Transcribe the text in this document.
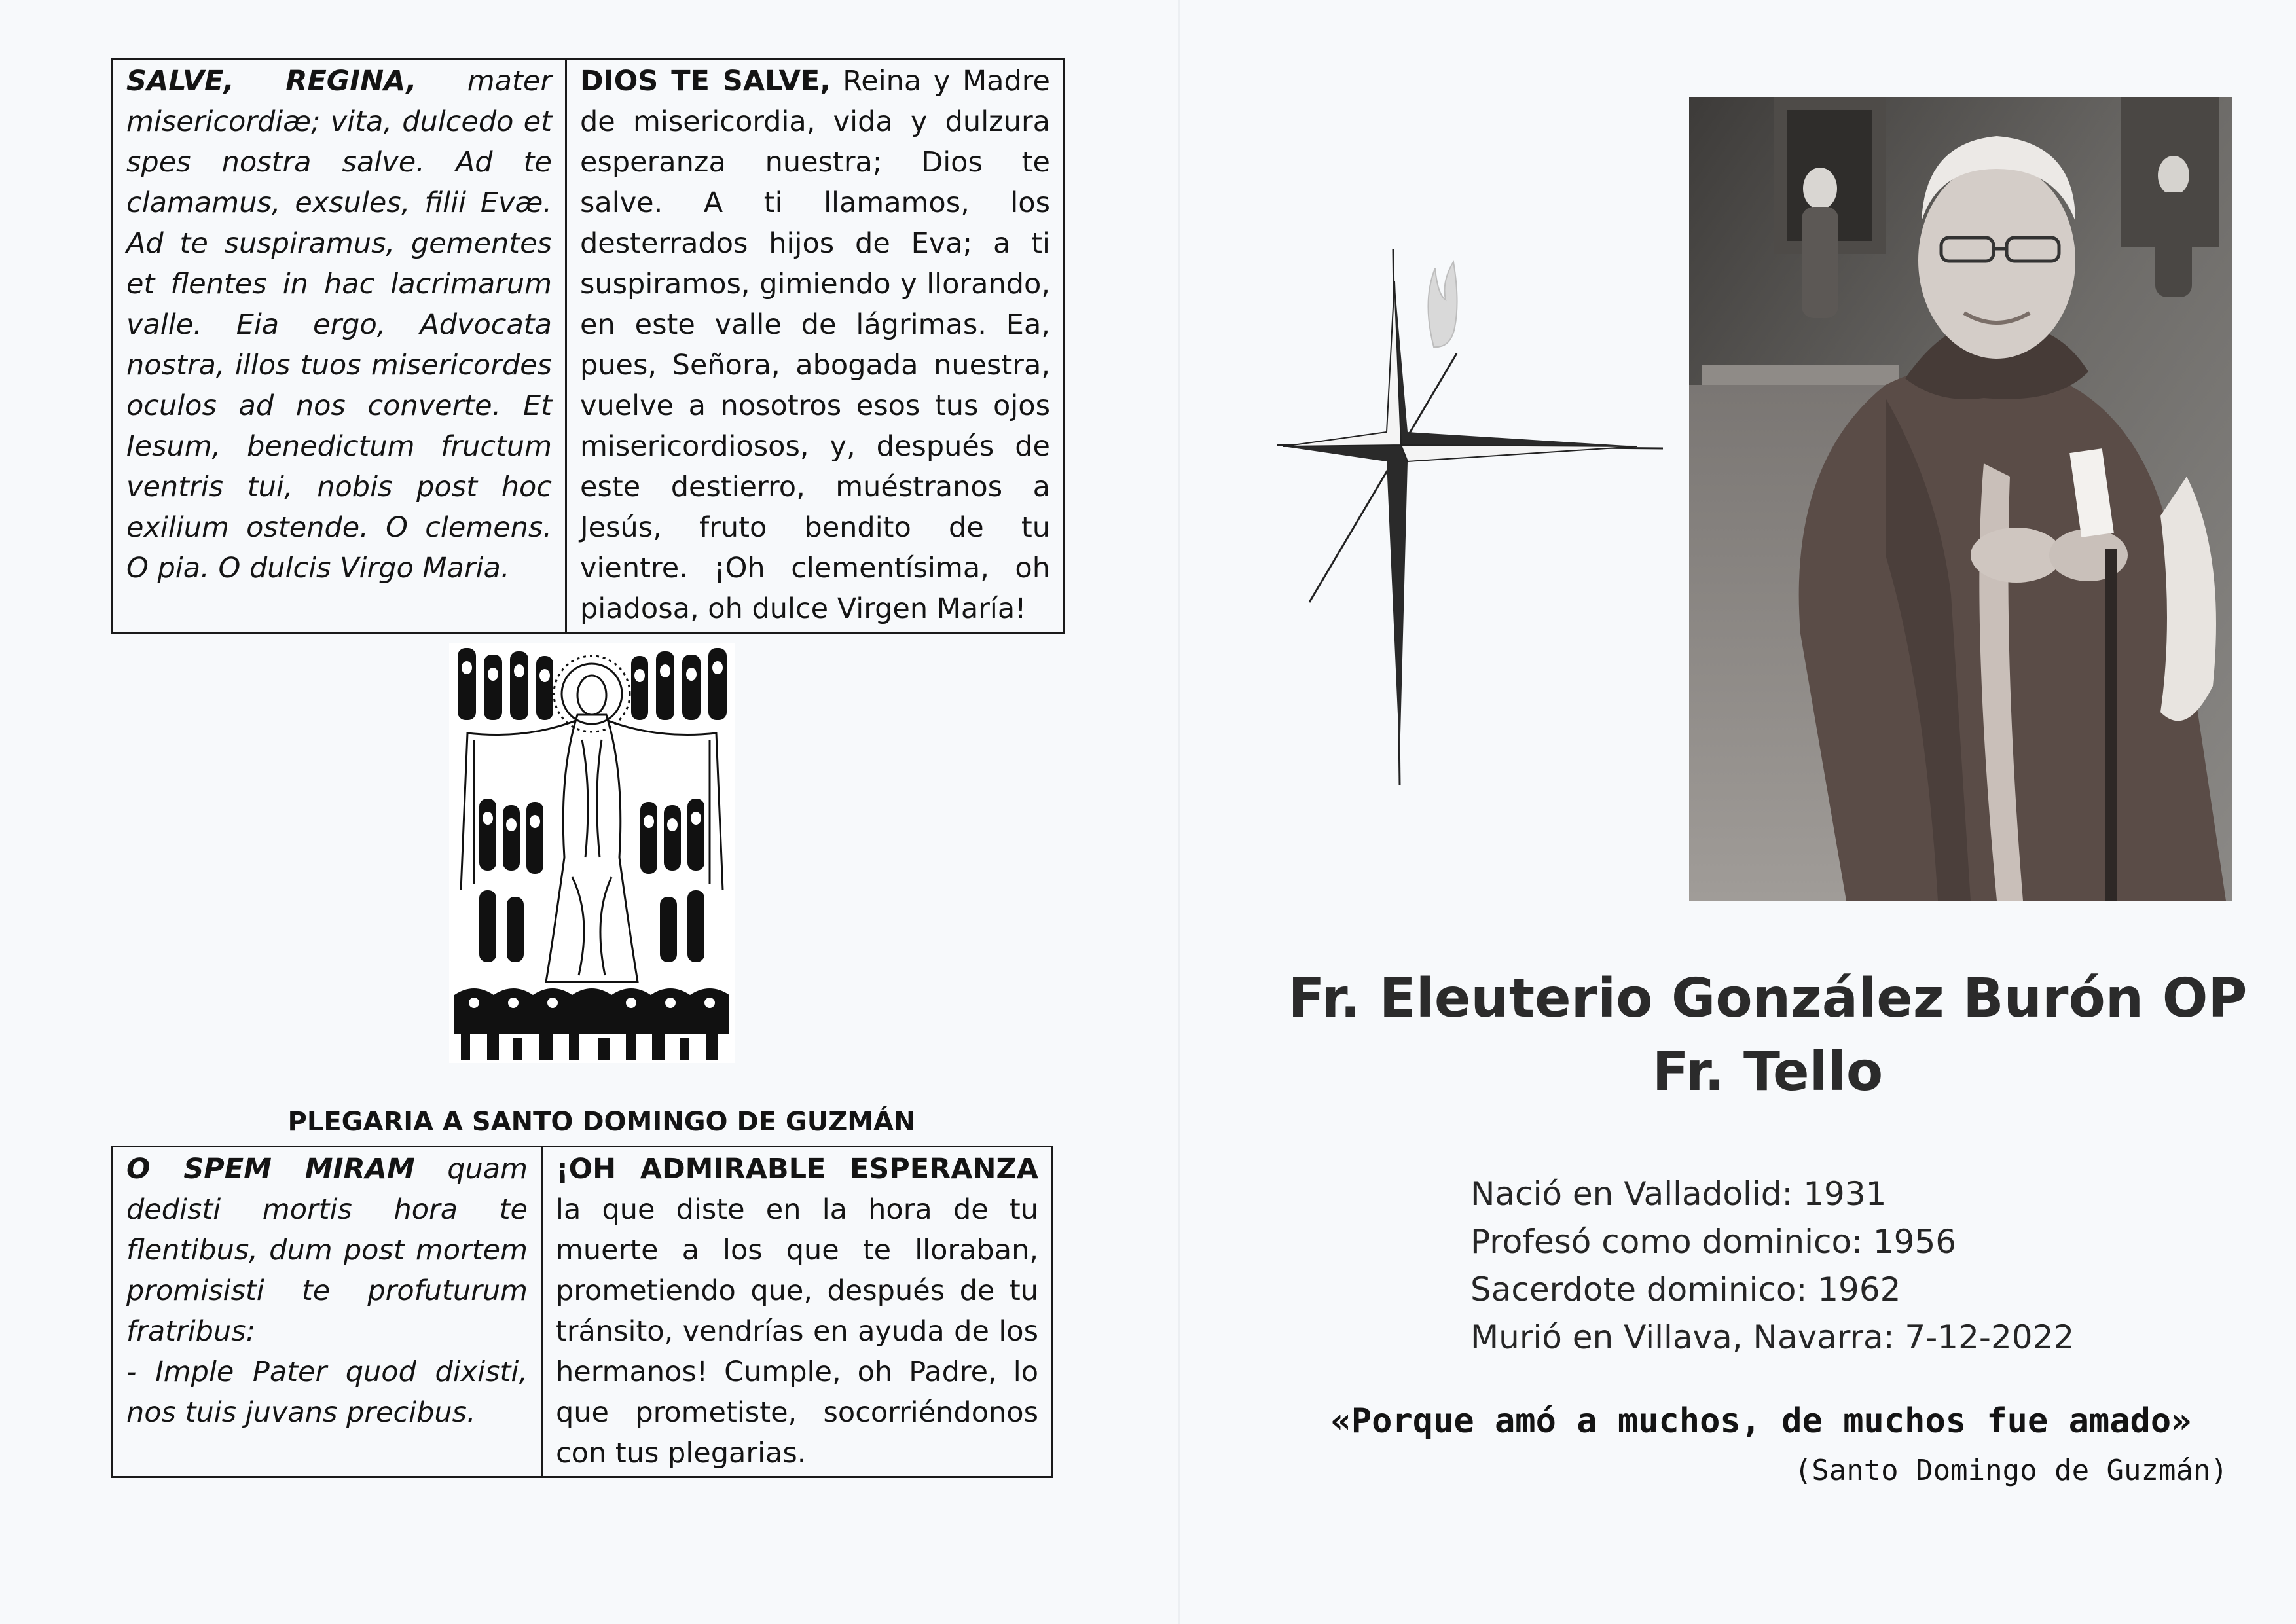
SALVE, REGINA, mater misericordiæ; vita, dulcedo et spes nostra salve. Ad te clamamus, exsules, filii Evæ. Ad te suspiramus, gementes et flentes in hac lacrimarum valle. Eia ergo, Advocata nostra, illos tuos misericordes oculos ad nos converte. Et Iesum, benedictum fructum ventris tui, nobis post hoc exilium ostende. O clemens. O pia. O dulcis Virgo Maria.	DIOS TE SALVE, Reina y Madre de misericordia, vida y dulzura esperanza nuestra; Dios te salve. A ti llamamos, los desterrados hijos de Eva; a ti suspiramos, gimiendo y llorando, en este valle de lágrimas. Ea, pues, Señora, abogada nuestra, vuelve a nosotros esos tus ojos misericordiosos, y, después de este destierro, muéstranos a Jesús, fruto bendito de tu vientre. ¡Oh clementísima, oh piadosa, oh dulce Virgen María!
PLEGARIA A SANTO DOMINGO DE GUZMÁN
O SPEM MIRAM quam dedisti mortis hora te flentibus, dum post mortem promisisti te profuturum fratribus:
- Imple Pater quod dixisti, nos tuis juvans precibus.	¡OH ADMIRABLE ESPERANZA la que diste en la hora de tu muerte a los que te lloraban, prometiendo que, después de tu tránsito, vendrías en ayuda de los hermanos! Cumple, oh Padre, lo que prometiste, socorriéndonos con tus plegarias.
Fr. Eleuterio González Burón OP
Fr. Tello
Nació en Valladolid: 1931
Profesó como dominico: 1956
Sacerdote dominico: 1962
Murió en Villava, Navarra: 7-12-2022

«Porque amó a muchos, de muchos fue amado»

(Santo Domingo de Guzmán)
